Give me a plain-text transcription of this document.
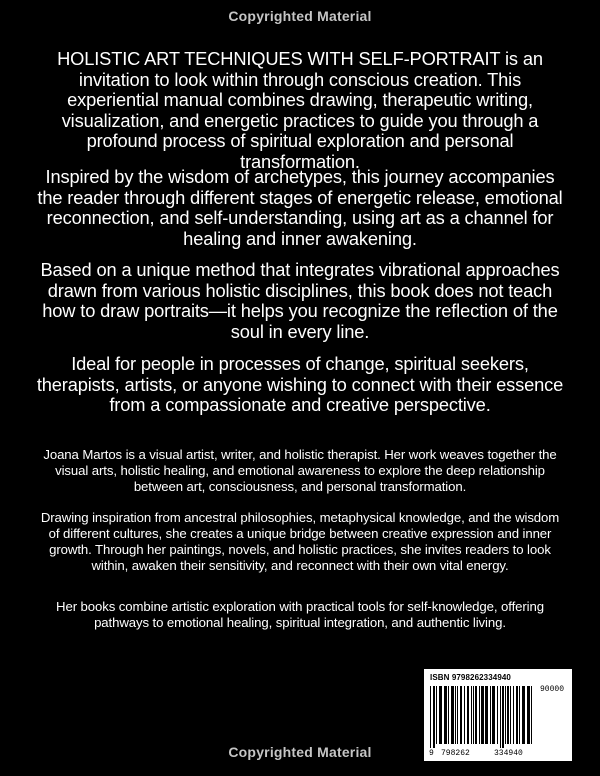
Copyrighted Material

HOLISTIC ART TECHNIQUES WITH SELF-PORTRAIT is an invitation to look within through conscious creation. This experiential manual combines drawing, therapeutic writing, visualization, and energetic practices to guide you through a profound process of spiritual exploration and personal transformation.

Inspired by the wisdom of archetypes, this journey accompanies the reader through different stages of energetic release, emotional reconnection, and self-understanding, using art as a channel for healing and inner awakening.

Based on a unique method that integrates vibrational approaches drawn from various holistic disciplines, this book does not teach how to draw portraits—it helps you recognize the reflection of the soul in every line.

Ideal for people in processes of change, spiritual seekers, therapists, artists, or anyone wishing to connect with their essence from a compassionate and creative perspective.

Joana Martos is a visual artist, writer, and holistic therapist. Her work weaves together the visual arts, holistic healing, and emotional awareness to explore the deep relationship between art, consciousness, and personal transformation.

Drawing inspiration from ancestral philosophies, metaphysical knowledge, and the wisdom of different cultures, she creates a unique bridge between creative expression and inner growth. Through her paintings, novels, and holistic practices, she invites readers to look within, awaken their sensitivity, and reconnect with their own vital energy.

Her books combine artistic exploration with practical tools for self-knowledge, offering pathways to emotional healing, spiritual integration, and authentic living.

ISBN 9798262334940
90000
9 798262	334940
Copyrighted Material
